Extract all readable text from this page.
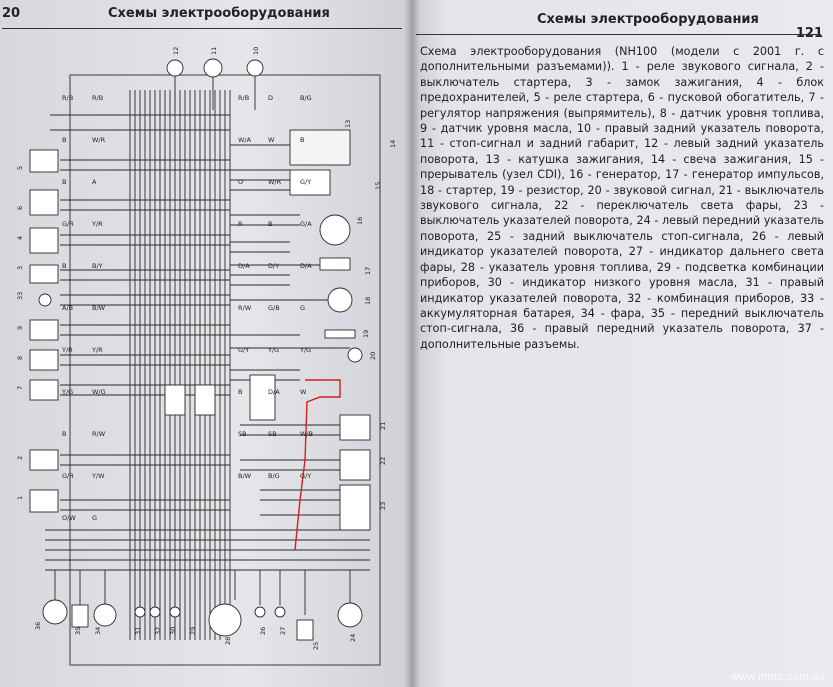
20	Схемы электрооборудования	Схемы электрооборудования
121
Схема электрооборудования (NH100 (модели с 2001 г. с дополнительными разъемами)). 1 - реле звукового сигнала, 2 - выключатель стартера, 3 - замок зажигания, 4 - блок предохранителей, 5 - реле стартера, 6 - пусковой обогатитель, 7 - регулятор напряжения (выпрямитель), 8 - датчик уровня топлива, 9 - датчик уровня масла, 10 - правый задний указатель поворота, 11 - стоп-сигнал и задний габарит, 12 - левый задний указатель поворота, 13 - катушка зажигания, 14 - свеча зажигания, 15 - прерыватель (узел CDI), 16 - генератор, 17 - генератор импульсов, 18 - стартер, 19 - резистор, 20 - звуковой сигнал, 21 - выключатель звукового сигнала, 22 - переключатель света фары, 23 - выключатель указателей поворота, 24 - левый передний указатель поворота, 25 - задний выключатель стоп-сигнала, 26 - левый индикатор указателей поворота, 27 - индикатор дальнего света фары, 28 - указатель уровня топлива, 29 - подсветка комбинации приборов, 30 - индикатор низкого уровня масла, 31 - правый индикатор указателей поворота, 32 - комбинация приборов, 33 - аккумуляторная батарея, 34 - фара, 35 - передний выключатель стоп-сигнала, 36 - правый передний указатель поворота, 37 - дополнительные разъемы.
12	11	10
13
14
15
16
17
18
19
20
21
22
23
24
25
26 27
28
29
30
31 32
34
35
36
33
9
8
7
6
5
4
3
2
1
R/B	R/B	R/B	D	B/G
B	W/R	W/A	W	B
B	A	O	W/R	G/Y
G/R	Y/R	R	B	G/A
B	B/Y	D/A	D/Y	D/A
A/B	B/W	R/W	G/B	G
Y/R	Y/R	G/Y	Y/G	Y/G
Y/G	W/G	B	D/A	W
B	R/W	SB	SB	W/B
G/R	Y/W	B/W	B/G	G/Y
O/W	G
www.moto.com.ua
